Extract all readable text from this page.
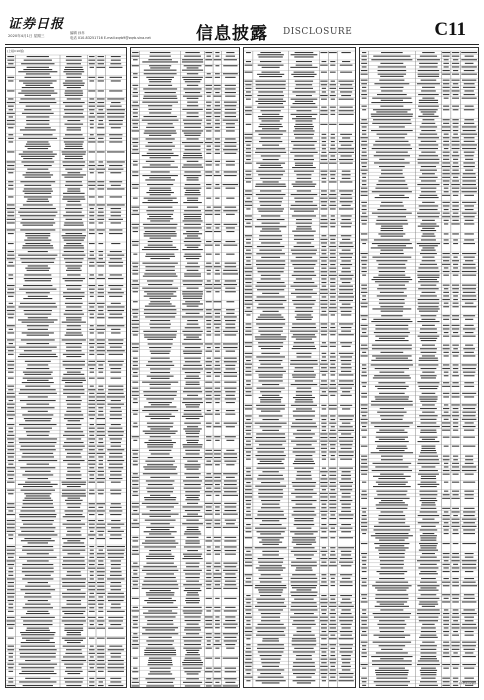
证券日报
2020年4月1日 星期三
编辑 孙乔
电话 010-83251716 E-mail:zqrb9@zqrb.sina.net	信息披露 DISCLOSURE	C11
(上接C10版)
(下转C12版)
